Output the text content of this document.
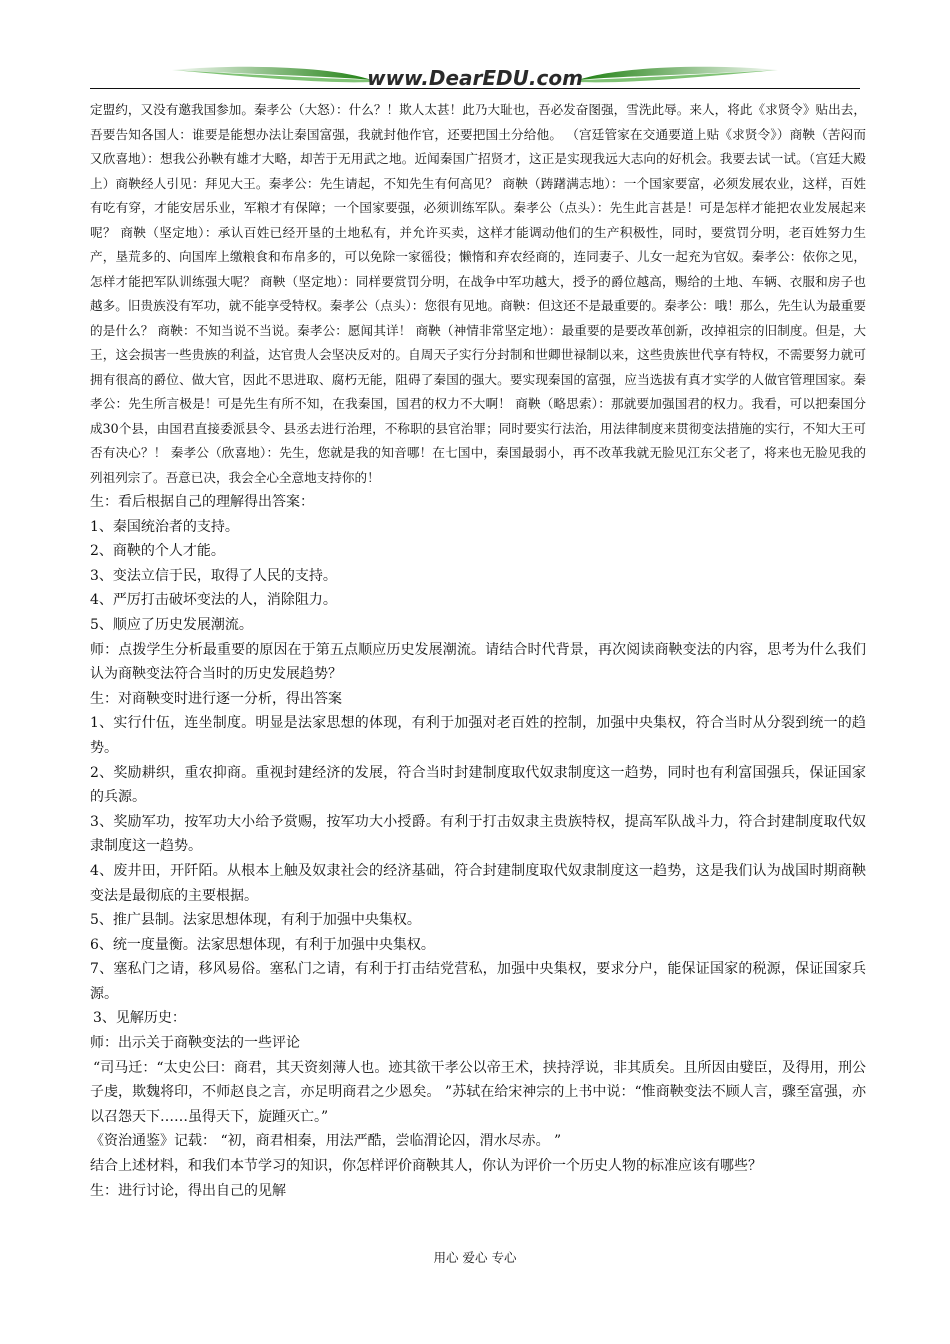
www.DearEDU.com

定盟约，又没有邀我国参加。秦孝公（大怒）：什么？！欺人太甚！此乃大耻也，吾必发奋图强，雪洗此辱。来人，将此《求贤令》贴出去，吾要告知各国人：谁要是能想办法让秦国富强，我就封他作官，还要把国土分给他。 （宫廷管家在交通要道上贴《求贤令》）商鞅（苦闷而又欣喜地）：想我公孙鞅有雄才大略，却苦于无用武之地。近闻秦国广招贤才，这正是实现我远大志向的好机会。我要去试一试。（宫廷大殿上）商鞅经人引见：拜见大王。秦孝公：先生请起，不知先生有何高见？ 商鞅（踌躇满志地）：一个国家要富，必须发展农业，这样，百姓有吃有穿，才能安居乐业，军粮才有保障；一个国家要强，必须训练军队。秦孝公（点头）：先生此言甚是！可是怎样才能把农业发展起来呢？ 商鞅（坚定地）：承认百姓已经开垦的土地私有，并允许买卖，这样才能调动他们的生产积极性，同时，要赏罚分明，老百姓努力生产，垦荒多的、向国库上缴粮食和布帛多的，可以免除一家徭役；懒惰和弃农经商的，连同妻子、儿女一起充为官奴。秦孝公：依你之见，怎样才能把军队训练强大呢？ 商鞅（坚定地）：同样要赏罚分明，在战争中军功越大，授予的爵位越高，赐给的土地、车辆、衣服和房子也越多。旧贵族没有军功，就不能享受特权。秦孝公（点头）：您很有见地。商鞅：但这还不是最重要的。秦孝公：哦！那么，先生认为最重要的是什么？ 商鞅：不知当说不当说。秦孝公：愿闻其详！ 商鞅（神情非常坚定地）：最重要的是要改革创新，改掉祖宗的旧制度。但是，大王，这会损害一些贵族的利益，达官贵人会坚决反对的。自周天子实行分封制和世卿世禄制以来，这些贵族世代享有特权，不需要努力就可拥有很高的爵位、做大官，因此不思进取、腐朽无能，阻碍了秦国的强大。要实现秦国的富强，应当选拔有真才实学的人做官管理国家。秦孝公：先生所言极是！可是先生有所不知，在我秦国，国君的权力不大啊！ 商鞅（略思索）：那就要加强国君的权力。我看，可以把秦国分成30个县，由国君直接委派县令、县丞去进行治理，不称职的县官治罪；同时要实行法治，用法律制度来贯彻变法措施的实行，不知大王可否有决心？！ 秦孝公（欣喜地）：先生，您就是我的知音哪！在七国中，秦国最弱小，再不改革我就无脸见江东父老了，将来也无脸见我的列祖列宗了。吾意已决，我会全心全意地支持你的！

生：看后根据自己的理解得出答案：

1、秦国统治者的支持。

2、商鞅的个人才能。

3、变法立信于民，取得了人民的支持。

4、严厉打击破坏变法的人，消除阻力。

5、顺应了历史发展潮流。

师：点拨学生分析最重要的原因在于第五点顺应历史发展潮流。请结合时代背景，再次阅读商鞅变法的内容，思考为什么我们认为商鞅变法符合当时的历史发展趋势？

生：对商鞅变时进行逐一分析，得出答案

1、实行什伍，连坐制度。明显是法家思想的体现，有利于加强对老百姓的控制，加强中央集权，符合当时从分裂到统一的趋势。

2、奖励耕织，重农抑商。重视封建经济的发展，符合当时封建制度取代奴隶制度这一趋势，同时也有利富国强兵，保证国家的兵源。

3、奖励军功，按军功大小给予赏赐，按军功大小授爵。有利于打击奴隶主贵族特权，提高军队战斗力，符合封建制度取代奴隶制度这一趋势。

4、废井田，开阡陌。从根本上触及奴隶社会的经济基础，符合封建制度取代奴隶制度这一趋势，这是我们认为战国时期商鞅变法是最彻底的主要根据。

5、推广县制。法家思想体现，有利于加强中央集权。

6、统一度量衡。法家思想体现，有利于加强中央集权。

7、塞私门之请，移风易俗。塞私门之请，有利于打击结党营私，加强中央集权，要求分户，能保证国家的税源，保证国家兵源。

3、见解历史：

师：出示关于商鞅变法的一些评论

“司马迁：“太史公曰：商君，其天资刻薄人也。迹其欲干孝公以帝王术，挟持浮说，非其质矣。且所因由嬖臣，及得用，刑公子虔，欺魏将印，不师赵良之言，亦足明商君之少恩矣。 ”苏轼在给宋神宗的上书中说：“惟商鞅变法不顾人言，骤至富强，亦以召怨天下……虽得天下，旋踵灭亡。”

《资治通鉴》记载： “初，商君相秦，用法严酷，尝临渭论囚，渭水尽赤。 ”

结合上述材料，和我们本节学习的知识，你怎样评价商鞅其人，你认为评价一个历史人物的标准应该有哪些？

生：进行讨论，得出自己的见解

用心 爱心 专心
